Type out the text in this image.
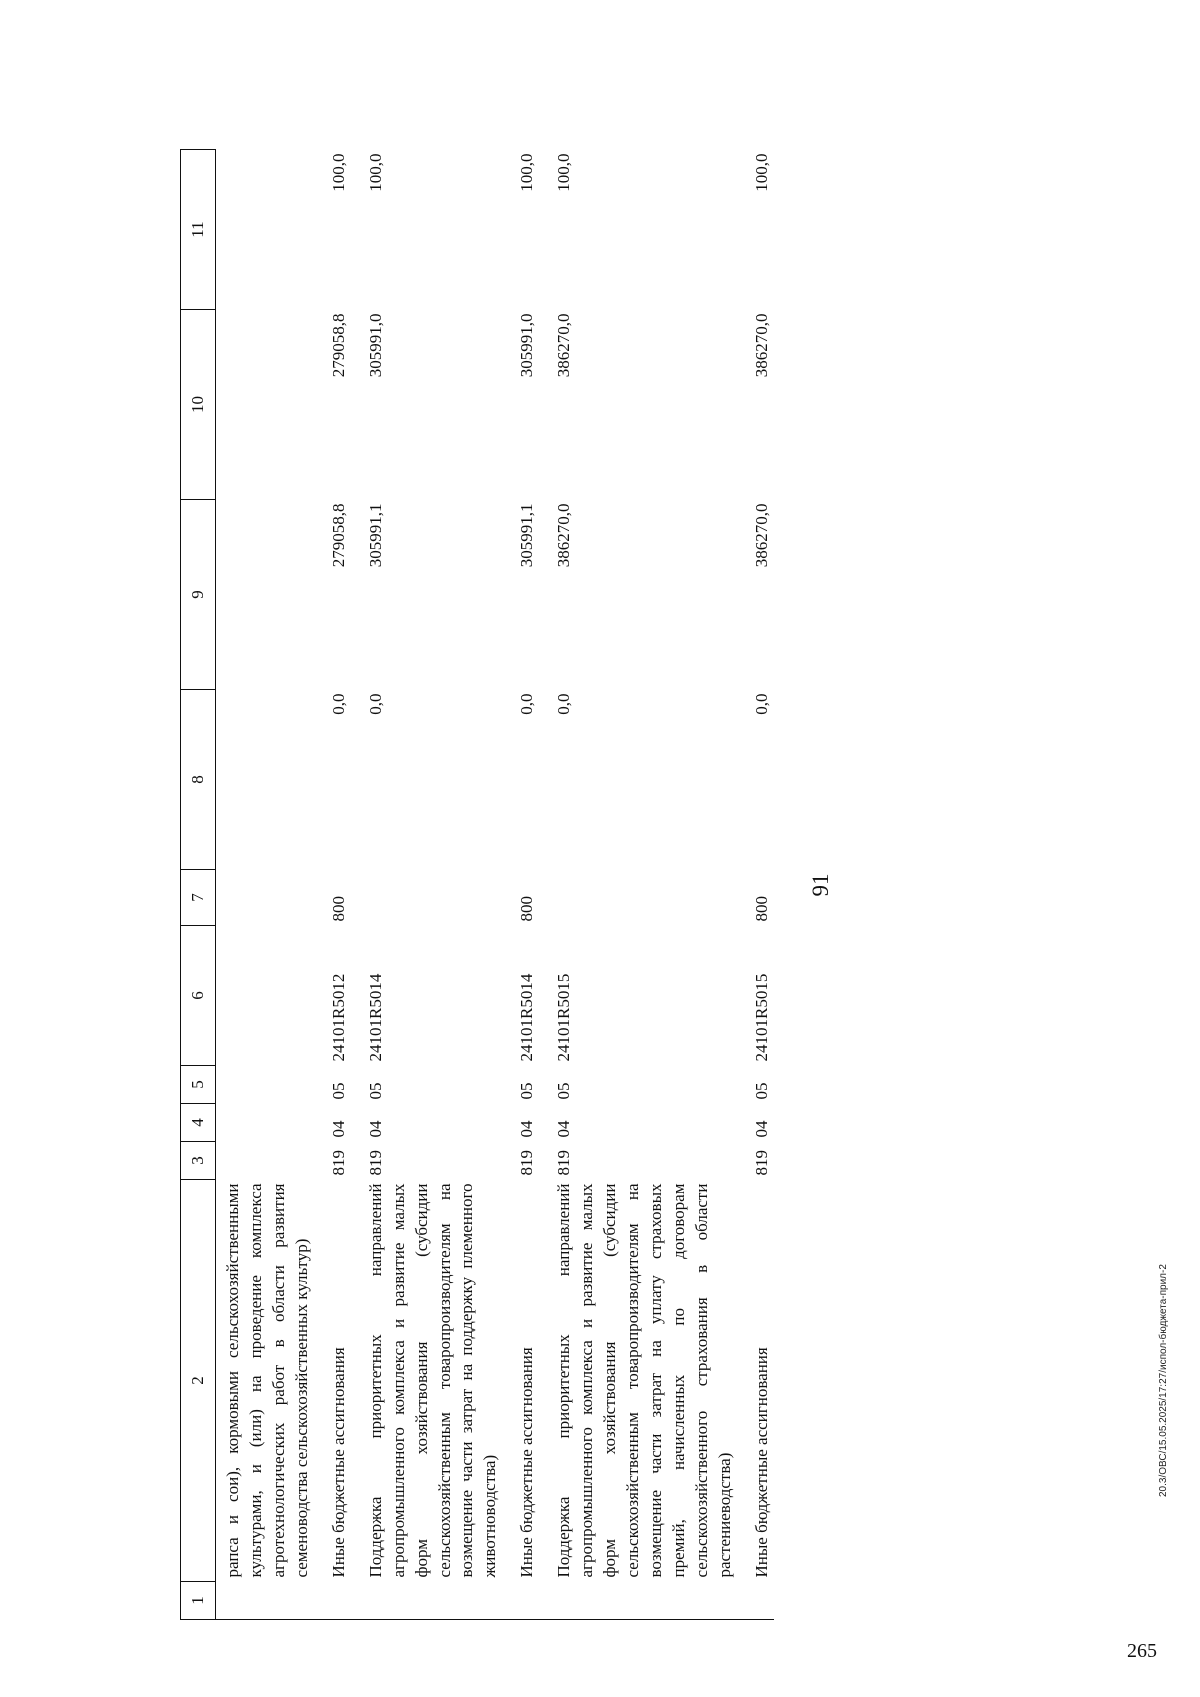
91
1	2	3	4	5	6	7	8	9	10	11
	рапса и сои), кормовыми сельскохозяйственными культурами, и (или) на проведение комплекса агротехнологических работ в области развития семеноводства сельскохозяйственных культур)									
	Иные бюджетные ассигнования	819	04	05	24101R5012	800	0,0	279058,8	279058,8	100,0
	Поддержка приоритетных направлений агропромышленного комплекса и развитие малых форм хозяйствования (субсидии сельскохозяйственным товаропроизводителям на возмещение части затрат на поддержку племенного животноводства)	819	04	05	24101R5014		0,0	305991,1	305991,0	100,0
	Иные бюджетные ассигнования	819	04	05	24101R5014	800	0,0	305991,1	305991,0	100,0
	Поддержка приоритетных направлений агропромышленного комплекса и развитие малых форм хозяйствования (субсидии сельскохозяйственным товаропроизводителям на возмещение части затрат на уплату страховых премий, начисленных по договорам сельскохозяйственного страхования в области растениеводства)	819	04	05	24101R5015		0,0	386270,0	386270,0	100,0
	Иные бюджетные ассигнования	819	04	05	24101R5015	800	0,0	386270,0	386270,0	100,0
20.3/ОВС/15.05.2025/17:27/испол-бюджета-прил-2
265
